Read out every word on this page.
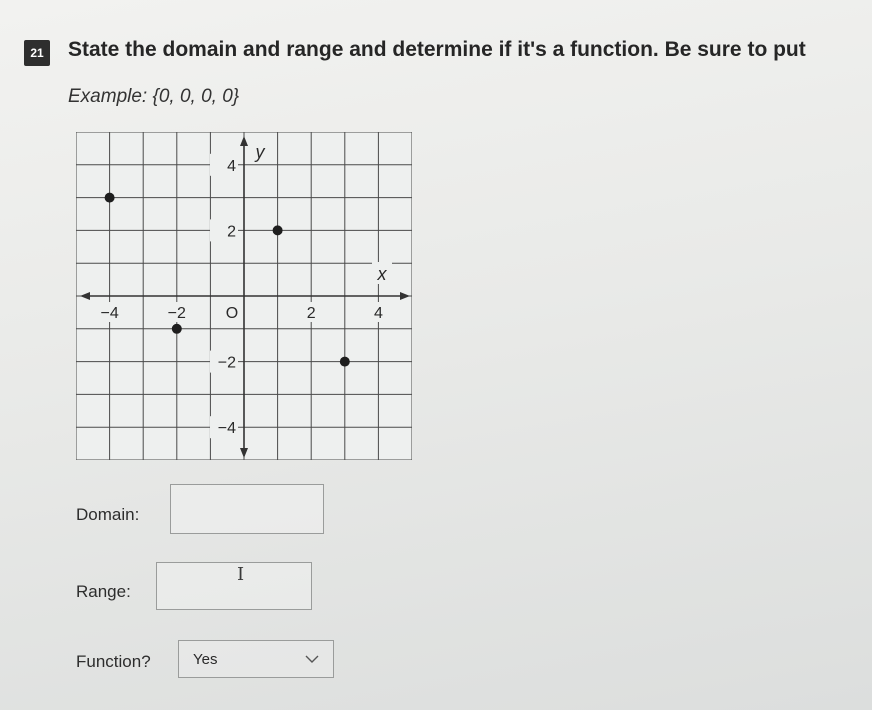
21	State the domain and range and determine if it's a function. Be sure to put
Example: {0, 0, 0, 0}
−4	−2 O	2	4
4
2
−2
−4
y
x
Domain:
Range:
I
Function?	Yes
